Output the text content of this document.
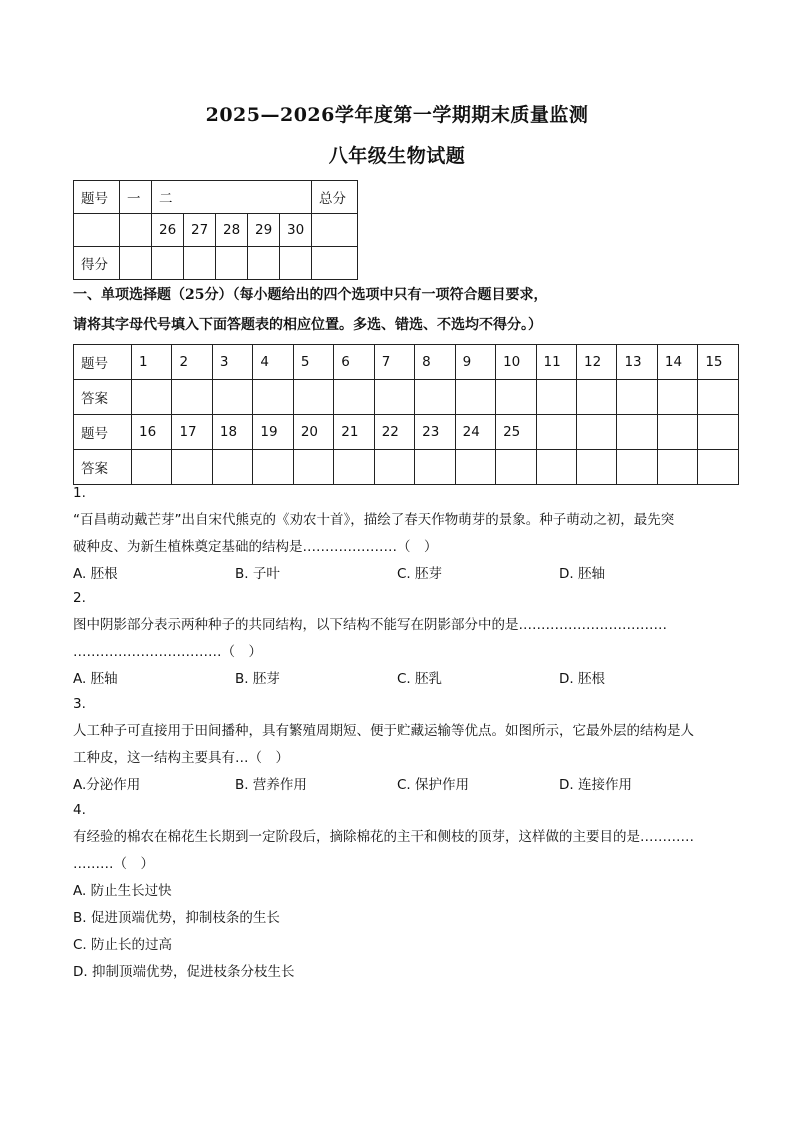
2025—2026学年度第一学期期末质量监测
八年级生物试题
题号	一	二					总分
		26	27	28	29	30	
得分							
一、单项选择题（25分）（每小题给出的四个选项中只有一项符合题目要求，
请将其字母代号填入下面答题表的相应位置。多选、错选、不选均不得分。）
题号	1	2	3	4	5	6	7	8	9	10	11	12	13	14	15
答案															
题号	16	17	18	19	20	21	22	23	24	25					
答案															
1.
“百昌萌动戴芒芽”出自宋代熊克的《劝农十首》，描绘了春天作物萌芽的景象。种子萌动之初，最先突
破种皮、为新生植株奠定基础的结构是…………………（　）
A. 胚根	B. 子叶	C. 胚芽	D. 胚轴
2.
图中阴影部分表示两种种子的共同结构，以下结构不能写在阴影部分中的是……………………………
……………………………（　）
A. 胚轴	B. 胚芽	C. 胚乳	D. 胚根
3.
人工种子可直接用于田间播种，具有繁殖周期短、便于贮藏运输等优点。如图所示，它最外层的结构是人
工种皮，这一结构主要具有…（　）
A.分泌作用	B. 营养作用	C. 保护作用	D. 连接作用
4.
有经验的棉农在棉花生长期到一定阶段后，摘除棉花的主干和侧枝的顶芽，这样做的主要目的是…………
………（　）
A. 防止生长过快
B. 促进顶端优势，抑制枝条的生长
C. 防止长的过高
D. 抑制顶端优势，促进枝条分枝生长
